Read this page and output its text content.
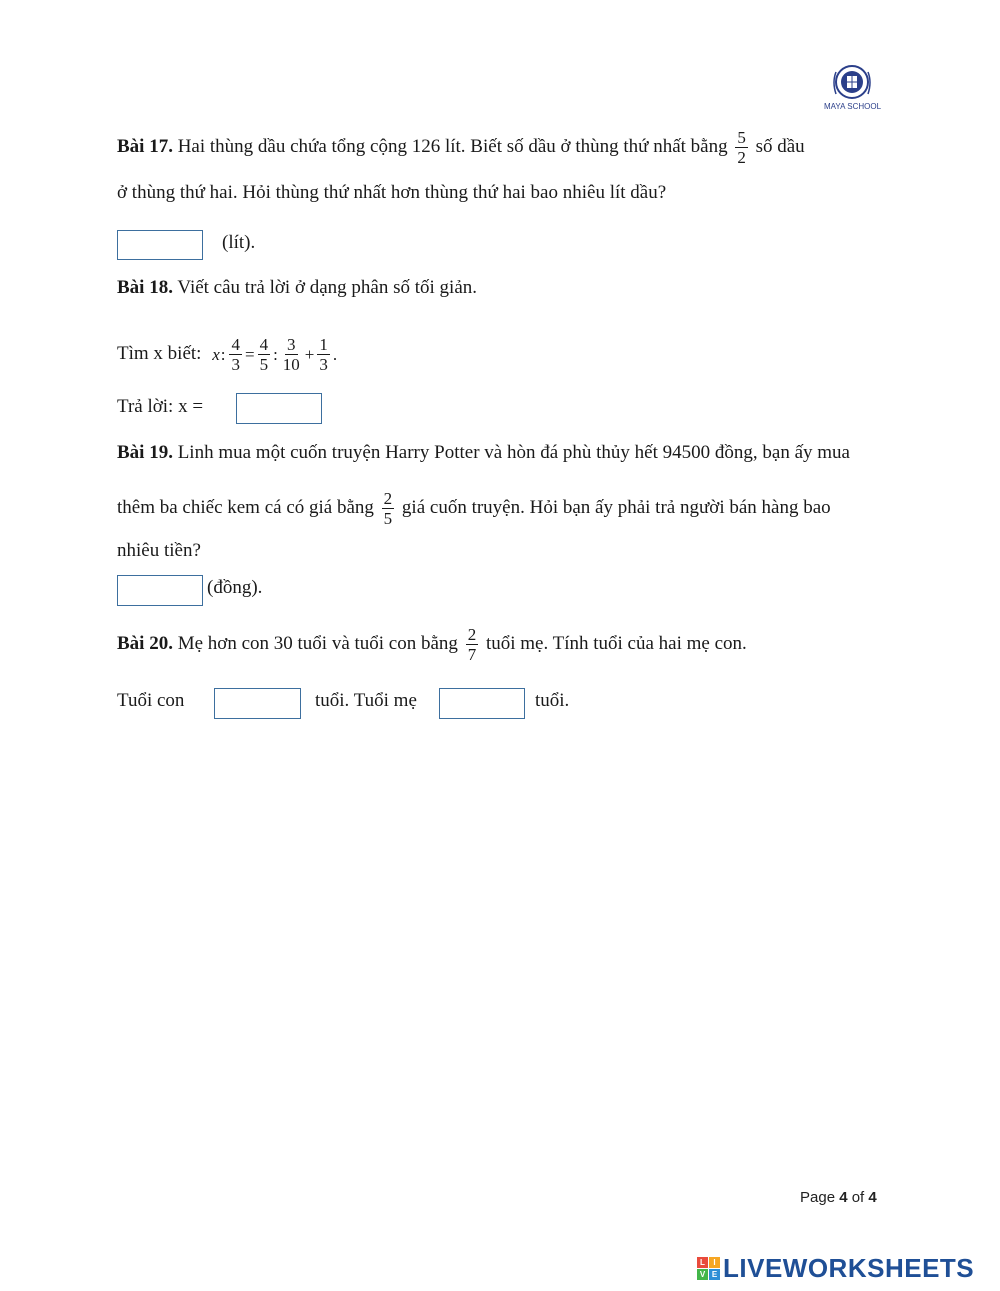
MAYA SCHOOL
Bài 17. Hai thùng dầu chứa tổng cộng 126 lít. Biết số dầu ở thùng thứ nhất bằng $\frac{5}{2}$ số dầu
ở thùng thứ hai. Hỏi thùng thứ nhất hơn thùng thứ hai bao nhiêu lít dầu?
(lít).
Bài 18. Viết câu trả lời ở dạng phân số tối giản.
Tìm x biết: x : $\frac{4}{3} = \frac{4}{5}$ : $\frac{3}{10} + \frac{1}{3}$ .
Trả lời: x =
Bài 19. Linh mua một cuốn truyện Harry Potter và hòn đá phù thủy hết 94500 đồng, bạn ấy mua
thêm ba chiếc kem cá có giá bằng $\frac{2}{5}$ giá cuốn truyện. Hỏi bạn ấy phải trả người bán hàng bao
nhiêu tiền?
(đồng).
Bài 20. Mẹ hơn con 30 tuổi và tuổi con bằng $\frac{2}{7}$ tuổi mẹ. Tính tuổi của hai mẹ con.
Tuổi con	tuổi. Tuổi mẹ	tuổi.
Page 4 of 4
L	I
V E LIVEWORKSHEETS
